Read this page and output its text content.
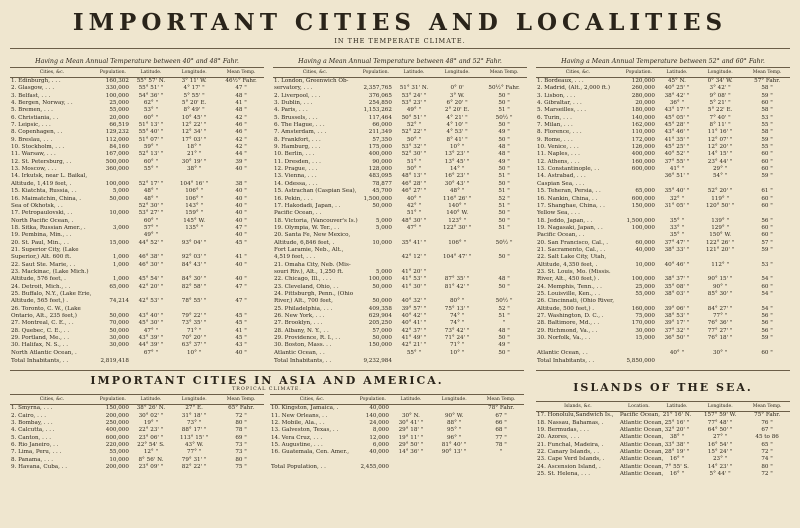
IMPORTANT CITIES AND LOCALITIES
IN THE TEMPERATE CLIMATE.
Having a Mean Annual Temperature between 40° and 48° Fahr.
Cities, &c.	Population.	Latitude.	Longitude.	Mean Temp.
1. Edinburgh, . . .	160,302	55° 57' N.	3° 11' W.	46½° Fahr.
2. Glasgow, . . .	330,000	55° 51' "	4° 17' "	47 "
3. Belfast, . . .	100,000	54° 36' "	5° 55' "	48 "
4. Bergen, Norway, . .	25,000	62° "	5° 20' E.	41 "
5. Bremen, . . .	55,000	53° "	8° 49' "	48 "
6. Christiania, . .	20,000	60° "	10° 45' "	42 "
7. Leipsic, . . .	66,519	51° 13' "	12° 22' "	46 "
8. Copenhagen, . .	129,232	55° 40' "	12° 34' "	46 "
9. Breslau, . . .	112,000	51° 07' "	17° 03' "	42 "
10. Stockholm, . . .	84,160	59° "	18° "	42 "
11. Warsaw, . . .	167,000	52° 13' "	21° "	44 "
12. St. Petersburg, . .	500,000	60° "	30° 19' "	39 "
13. Moscow, . . .	360,000	55° "	38° "	40 "
14. Irkutsk, near L. Baikal,				
Altitude, 1,419 feet, .	100,000	52° 17' "	104° 16' "	38 "
15. Kiatchta, Russia, . .	5,000	48° "	106° "	40 "
16. Maimatchin, China, .	50,000	48° "	106° "	40 "
Sea of Okhotsk, . .		52° 30' "	143° "	40 "
17. Petropaulovski, . .	10,000	53° 27' "	159° "	40 "
North Pacific Ocean, .		60° "	145° W.	40 "
18. Sitka, Russian Amer., .	3,000	57° "	135° "	47 "
19. Pembina, Min., . .		49° "		40 "
20. St. Paul, Min., . .	15,000	44° 52' "	93° 04' "	45 "
21. Superior City, (Lake				
Superior,) Alt. 600 ft.	1,000	46° 38' "	92° 03' "	41 "
22. Saut Ste. Marie, . .	1,000	46° 30' "	84° 43' "	40 "
23. Mackinac, (Lake Mich.)				
Altitude, 576 feet, .	1,000	45° 54' "	84° 30' "	40 "
24. Detroit, Mich., . .	65,000	42° 20' "	82° 58' "	47 "
25. Buffalo, N.Y., (Lake Erie,				
Altitude, 565 feet,) .	74,214	42° 53' "	78° 55' "	47 "
26. Toronto, C. W., (Lake				
Ontario, Alt., 235 feet,)	50,000	43° 40' "	79° 22' "	45 "
27. Montreal, C. E., . .	70,000	45° 30' "	73° 35' "	45 "
28. Quebec, C. E., . .	50,000	47° "	71° "	41 "
29. Portland, Me., . .	30,000	43° 39' "	70° 20' "	45 "
30. Halifax, N. S., . .	30,000	44° 39' "	63° 37' "	43 "
North Atlantic Ocean, .		67° "	10° "	40 "
Total Inhabitants, . .	2,819,418			
Having a Mean Annual Temperature between 48° and 52° Fahr.
Cities, &c.	Population.	Latitude.	Longitude.	Mean Temp.
1. London, Greenwich Ob-				
servatory, . . .	2,357,765	51° 31' N.	0° 0'	50½° Fahr.
2. Liverpool, . . .	376,065	53° 24' "	3° W.	50 "
3. Dublin, . . .	254,850	53° 23' "	6° 20' "	50 "
4. Paris, . . .	1,153,262	49° "	2° 20' E.	51 "
5. Brussels, . . .	117,464	50° 51' "	4° 21' "	50½ "
6. The Hague, . . .	66,000	52° "	4° 10' "	50 "
7. Amsterdam, . . .	211,349	52° 22' "	4° 53' "	49 "
8. Frankfort, . . .	57,350	50° "	8° 41' "	50 "
9. Hamburg, . . .	175,000	53° 32' "	10° "	48 "
10. Berlin, . . .	400,000	52° 30' "	13° 23' "	48 "
11. Dresden, . . .	90,000	51° "	13° 45' "	49 "
12. Prague, . . .	128,000	50° "	14° "	50 "
13. Vienna, . . .	483,095	48° 13' "	16° 23' "	51 "
14. Odessa, . . .	78,877	46° 28' "	30° 43' "	50 "
15. Astrachan (Caspian Sea),	45,700	46° 27' "	48° "	51 "
16. Pekin, . . .	1,500,000	40° "	116° 26' "	52 "
17. Hakodadi, Japan, . .	50,000	42° "	140° "	51 "
Pacific Ocean, . .		51° "	140° W.	50 "
18. Victoria, (Vancouver's Is.)	5,000	48° 30' "	123° "	50 "
19. Olympia, W. Ter., . .	5,000	47° "	122° 30' "	51 "
20. Santa Fe, New Mexico,				
Altitude, 6,846 feet, .	10,000	35° 41' "	106° "	50½ "
Fort Laramie, Neb., Alt.,				
4,519 feet, . . .		42° 12' "	104° 47' "	50 "
21. Omaha City, Neb. (Mis-				
souri Riv.), Alt., 1,250 ft.	5,000	41° 20' "		
22. Chicago, Ill., . . .	100,000	41° 53' "	87° 35' "	48 "
23. Cleveland, Ohio, . .	50,000	41° 30' "	81° 42' "	50 "
24. Pittsburgh, Penn., (Ohio				
River,) Alt., 700 feet,	50,000	40° 32' "	80° "	50½ "
25. Philadelphia, . . .	409,358	39° 57' "	75° 13' "	52 "
26. New York, . . .	629,904	40° 42' "	74° "	51 "
27. Brooklyn, . . .	205,250	40° 41' "	74° "	"
28. Albany, N. Y., . .	57,000	42° 37' "	73° 42' "	48 "
29. Providence, R. I., . .	50,000	41° 49' "	71° 24' "	50 "
30. Boston, Mass. . .	150,000	42° 21' "	71° "	49 "
Atlantic Ocean, . .		55° "	10° "	50 "
Total Inhabitants, . .	9,232,984			
Having a Mean Annual Temperature between 52° and 60° Fahr.
Cities, &c.	Population.	Latitude.	Longitude.	Mean Temp.
1. Bordeaux, . . .	120,000	45° N.	0° 34' W.	57° Fahr.
2. Madrid, (Alt., 2,000 ft.)	260,000	40° 25' "	3° 42' "	58 "
3. Lisbon, . . .	280,000	38° 42' "	9° 08' "	59 "
4. Gibraltar, . . .	20,000	36° "	5° 21' "	60 "
5. Marseilles, . . .	180,000	43° 17' "	5° 22' E.	58 "
6. Turin, . . .	140,000	45° 05' "	7° 40' "	53 "
7. Milan, . . .	162,000	45° 28' "	8° 11' "	55 "
8. Florence, . . .	110,000	43° 46' "	11° 16' "	58 "
9. Rome, . . .	172,000	41° 35' "	12° 07' "	59 "
10. Venice, . . .	126,000	45° 25' "	12° 20' "	55 "
11. Naples, . . .	400,000	40° 52' "	14° 15' "	60 "
12. Athens, . . .	160,000	37° 55' "	23° 44' "	60 "
13. Constantinople, . .	600,000	41° "	29° "	60 "
14. Astrabad, . . .		36° 51' "	54° "	59 "
Caspian Sea, . . .				
15. Teheran, Persia, . .	65,000	35° 40' "	52° 20' "	61 "
16. Nankin, China, . .	600,000	32° "	119° "	60 "
17. Shanghae, China, . .	150,000	31° 05' "	120° 50' "	60 "
Yellow Sea, . . .				
18. Jeddo, Japan, . .	1,500,000	35° "	139° "	56 "
19. Nagasaki, Japan, . .	100,000	33° "	129° "	60 "
Pacific Ocean, . .		35° "	150° W.	60 "
20. San Francisco, Cal., .	60,000	37° 47' "	122° 26' "	57 "
21. Sacramento, Cal., . .	40,000	38° 33' "	121° 20' "	59 "
22. Salt Lake City, Utah,				
Altitude, 4,350 feet, .	10,000	40° 46' "	112° "	53 "
23. St. Louis, Mo. (Missis.				
River, Alt., 450 feet,) .	100,000	38° 37' "	90° 15' "	54 "
24. Memphis, Tenn., . .	25,000	35° 08' "	90° "	60 "
25. Louisville, Ken., . .	55,000	38° 03' "	85° 30' "	54 "
26. Cincinnati, (Ohio River,				
Altitude, 500 feet,) .	160,000	39° 06' "	84° 27' "	54 "
27. Washington, D. C., .	75,000	38° 53' "	77° "	56 "
28. Baltimore, Md., . .	170,000	39° 17' "	76° 36' "	56 "
29. Richmond, Va., . .	30,000	37° 32' "	77° 27' "	56 "
30. Norfolk, Va., . .	15,000	36° 50' "	76° 18' "	59 "

Atlantic Ocean, . .		40° "	30° "	60 "
Total Inhabitants, . .	5,850,000			
IMPORTANT CITIES IN ASIA AND AMERICA.
TROPICAL CLIMATE.
Cities, &c.	Population.	Latitude.	Longitude.	Mean Temp.
1. Smyrna, . . .	150,000	38° 26' N.	27° E.	65° Fahr.
2. Cairo, . . .	200,000	30° 02' "	31° 18' "	72 "
3. Bombay, . . .	250,000	19° "	73° "	80 "
4. Calcutta, . . .	400,000	22° 23' "	88° 17' "	78 "
5. Canton, . . .	600,000	23° 06' "	113° 15' "	69 "
6. Rio Janeiro, . .	220,000	22° 54' S.	43° W.	73 "
7. Lima, Peru, . . .	55,000	12° "	77° "	73 "
8. Panama, . . .	10,000	8° 56' N.	79° 31' "	80 "
9. Havana, Cuba, . .	200,000	23° 09' "	82° 22' "	75 "
Cities, &c.	Population.	Latitude.	Longitude.	Mean Temp.
10. Kingston, Jamaica, .	40,000			78° Fahr.
11. New Orleans, . .	140,000	30° N.	90° W.	67 "
12. Mobile, Ala., . .	24,000	30° 41' "	88° "	66 "
13. Galveston, Texas, . .	8,000	29° 18' "	95° "	68 "
14. Vera Cruz, . . .	12,000	19° 11' "	96° "	77 "
15. Augustine, . . .	6,000	29° 50' "	81° 40' "	78 "
16. Guatemala, Cen. Amer.,	40,000	14° 36' "	90° 13' "	"

Total Population, . .	2,455,000			
ISLANDS OF THE SEA.
Islands, &c.	Location.	Latitude.	Longitude.	Mean Temp.
17. Honolulu,Sandwich Is.,	Pacific Ocean,	21° 16' N.	157° 59' W.	75° Fahr.
18. Nassau, Bahamas, .	Atlantic Ocean,	25° 16' "	77° 48' "	76 "
19. Bermudas, . . .	Atlantic Ocean,	32° 20' "	64° 50' "	67 "
20. Azores, . . .	Atlantic Ocean,	38° "	27° "	45 to 86
21. Funchal, Madeira, .	Atlantic Ocean,	33° 38' "	16° 54' "	65 "
22. Canary Islands, . .	Atlantic Ocean,	28° 19' "	15° 24' "	72 "
23. Cape Verd Islands, .	Atlantic Ocean,	16° "	23° "	74 "
24. Ascension Island, .	Atlantic Ocean,	7° 55' S.	14° 23' "	80 "
25. St. Helena, . . .	Atlantic Ocean,	16° "	5° 44' "	72 "
